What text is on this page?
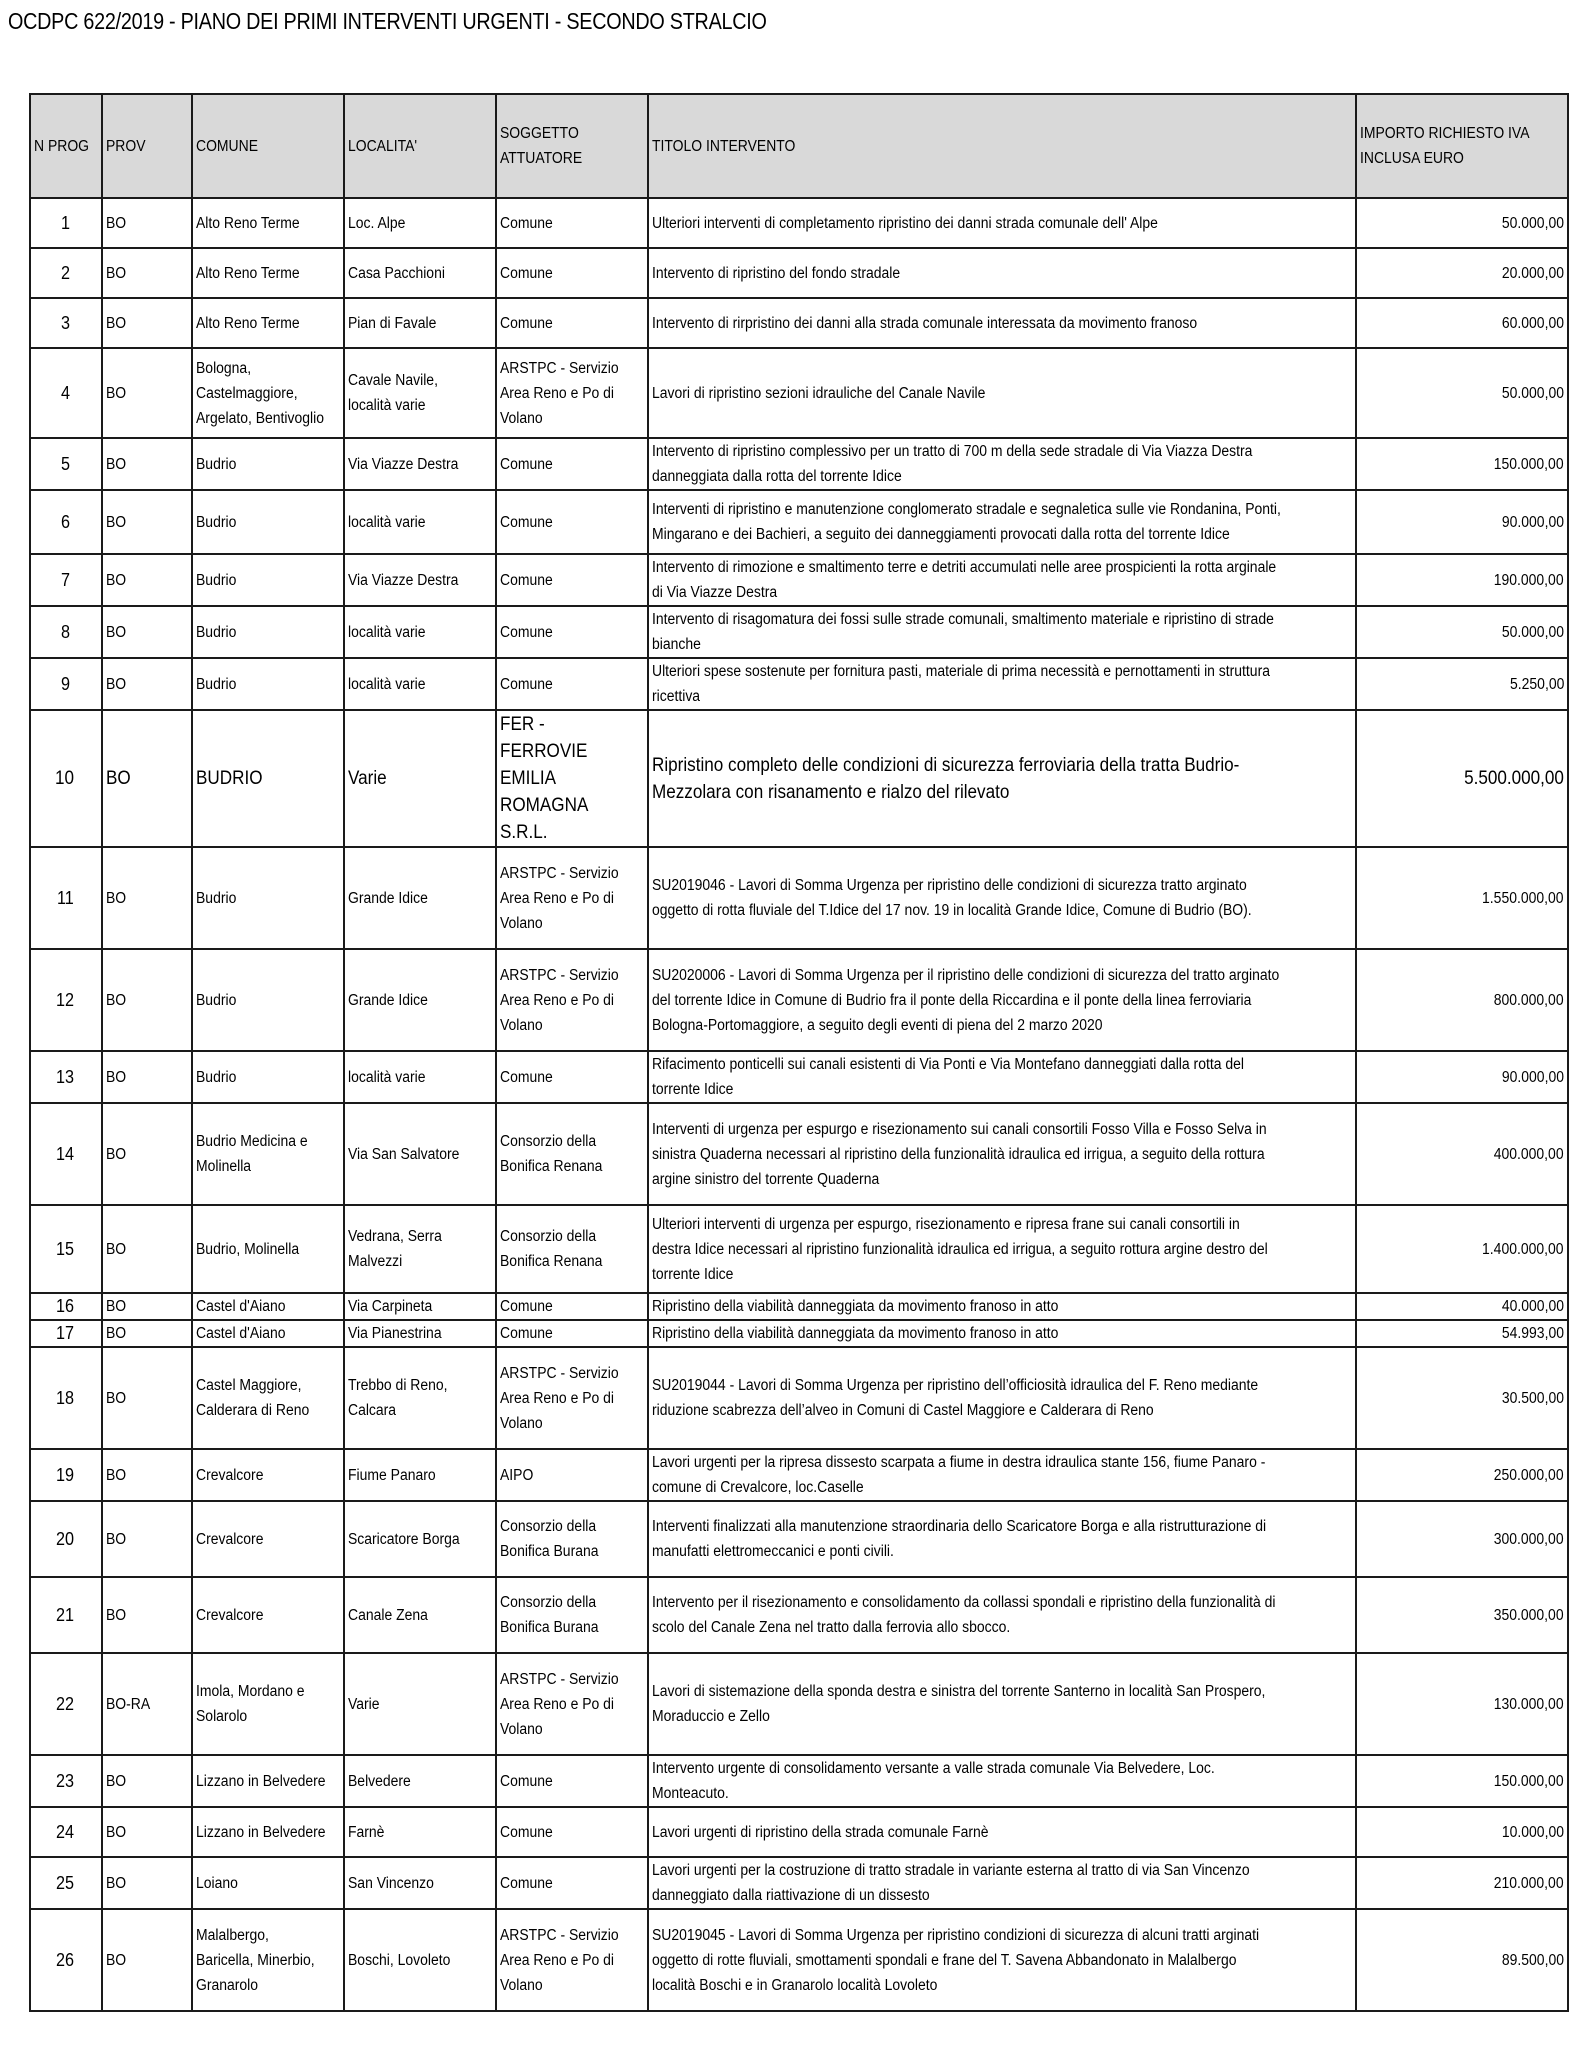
OCDPC 622/2019 - PIANO DEI PRIMI INTERVENTI URGENTI - SECONDO STRALCIO
N PROG	PROV	COMUNE	LOCALITA'	SOGGETTO ATTUATORE	TITOLO INTERVENTO	IMPORTO RICHIESTO IVA INCLUSA EURO
1	BO	Alto Reno Terme	Loc. Alpe	Comune	Ulteriori interventi di completamento ripristino dei danni strada comunale dell' Alpe	50.000,00
2	BO	Alto Reno Terme	Casa Pacchioni	Comune	Intervento di ripristino del fondo stradale	20.000,00
3	BO	Alto Reno Terme	Pian di Favale	Comune	Intervento di rirpristino dei danni alla strada comunale interessata da movimento franoso	60.000,00
4	BO	Bologna, Castelmaggiore, Argelato, Bentivoglio	Cavale Navile, località varie	ARSTPC - Servizio Area Reno e Po di Volano	Lavori di ripristino sezioni idrauliche del Canale Navile	50.000,00
5	BO	Budrio	Via Viazze Destra	Comune	Intervento di ripristino complessivo per un tratto di 700 m della sede stradale di Via Viazza Destra danneggiata dalla rotta del torrente Idice	150.000,00
6	BO	Budrio	località varie	Comune	Interventi di ripristino e manutenzione conglomerato stradale e segnaletica sulle vie Rondanina, Ponti, Mingarano e dei Bachieri, a seguito dei danneggiamenti provocati dalla rotta del torrente Idice	90.000,00
7	BO	Budrio	Via Viazze Destra	Comune	Intervento di rimozione e smaltimento terre e detriti accumulati nelle aree prospicienti la rotta arginale di Via Viazze Destra	190.000,00
8	BO	Budrio	località varie	Comune	Intervento di risagomatura dei fossi sulle strade comunali, smaltimento materiale e ripristino di strade bianche	50.000,00
9	BO	Budrio	località varie	Comune	Ulteriori spese sostenute per fornitura pasti, materiale di prima necessità e pernottamenti in struttura ricettiva	5.250,00
10	BO	BUDRIO	Varie	FER - FERROVIE EMILIA ROMAGNA S.R.L.	Ripristino completo delle condizioni di sicurezza ferroviaria della tratta Budrio-Mezzolara con risanamento e rialzo del rilevato	5.500.000,00
11	BO	Budrio	Grande Idice	ARSTPC - Servizio Area Reno e Po di Volano	SU2019046 - Lavori di Somma Urgenza per ripristino delle condizioni di sicurezza tratto arginato oggetto di rotta fluviale del T.Idice del 17 nov. 19 in località Grande Idice, Comune di Budrio (BO).	1.550.000,00
12	BO	Budrio	Grande Idice	ARSTPC - Servizio Area Reno e Po di Volano	SU2020006 - Lavori di Somma Urgenza per il ripristino delle condizioni di sicurezza del tratto arginato del torrente Idice in Comune di Budrio fra il ponte della Riccardina e il ponte della linea ferroviaria Bologna-Portomaggiore, a seguito degli eventi di piena del 2 marzo 2020	800.000,00
13	BO	Budrio	località varie	Comune	Rifacimento ponticelli sui canali esistenti di Via Ponti e Via Montefano danneggiati dalla rotta del torrente Idice	90.000,00
14	BO	Budrio Medicina e Molinella	Via San Salvatore	Consorzio della Bonifica Renana	Interventi di urgenza per espurgo e risezionamento sui canali consortili Fosso Villa e Fosso Selva in sinistra Quaderna necessari al ripristino della funzionalità idraulica ed irrigua, a seguito della rottura argine sinistro del torrente Quaderna	400.000,00
15	BO	Budrio, Molinella	Vedrana, Serra Malvezzi	Consorzio della Bonifica Renana	Ulteriori interventi di urgenza per espurgo, risezionamento e ripresa frane sui canali consortili in destra Idice necessari al ripristino funzionalità idraulica ed irrigua, a seguito rottura argine destro del torrente Idice	1.400.000,00
16	BO	Castel d'Aiano	Via Carpineta	Comune	Ripristino della viabilità danneggiata da movimento franoso in atto	40.000,00
17	BO	Castel d'Aiano	Via Pianestrina	Comune	Ripristino della viabilità danneggiata da movimento franoso in atto	54.993,00
18	BO	Castel Maggiore, Calderara di Reno	Trebbo di Reno, Calcara	ARSTPC - Servizio Area Reno e Po di Volano	SU2019044 - Lavori di Somma Urgenza per ripristino dell’officiosità idraulica del F. Reno mediante riduzione scabrezza dell’alveo in Comuni di Castel Maggiore e Calderara di Reno	30.500,00
19	BO	Crevalcore	Fiume Panaro	AIPO	Lavori urgenti per la ripresa dissesto scarpata a fiume in destra idraulica stante 156, fiume Panaro - comune di Crevalcore, loc.Caselle	250.000,00
20	BO	Crevalcore	Scaricatore Borga	Consorzio della Bonifica Burana	Interventi finalizzati alla manutenzione straordinaria dello Scaricatore Borga e alla ristrutturazione di manufatti elettromeccanici e ponti civili.	300.000,00
21	BO	Crevalcore	Canale Zena	Consorzio della Bonifica Burana	Intervento per il risezionamento e consolidamento da collassi spondali e ripristino della funzionalità di scolo del Canale Zena nel tratto dalla ferrovia allo sbocco.	350.000,00
22	BO-RA	Imola, Mordano e Solarolo	Varie	ARSTPC - Servizio Area Reno e Po di Volano	Lavori di sistemazione della sponda destra e sinistra del torrente Santerno in località San Prospero, Moraduccio e Zello	130.000,00
23	BO	Lizzano in Belvedere	Belvedere	Comune	Intervento urgente di consolidamento versante a valle strada comunale Via Belvedere, Loc. Monteacuto.	150.000,00
24	BO	Lizzano in Belvedere	Farnè	Comune	Lavori urgenti di ripristino della strada comunale Farnè	10.000,00
25	BO	Loiano	San Vincenzo	Comune	Lavori urgenti per la costruzione di tratto stradale in variante esterna al tratto di via San Vincenzo danneggiato dalla riattivazione di un dissesto	210.000,00
26	BO	Malalbergo, Baricella, Minerbio, Granarolo	Boschi, Lovoleto	ARSTPC - Servizio Area Reno e Po di Volano	SU2019045 - Lavori di Somma Urgenza per ripristino condizioni di sicurezza di alcuni tratti arginati oggetto di rotte fluviali, smottamenti spondali e frane del T. Savena Abbandonato in Malalbergo località Boschi e in Granarolo località Lovoleto	89.500,00
